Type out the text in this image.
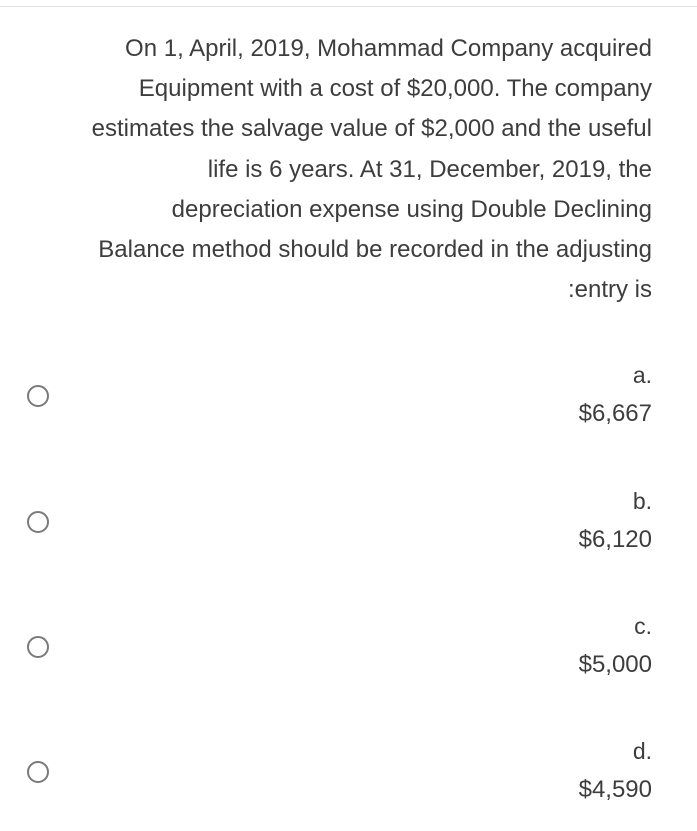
On 1, April, 2019, Mohammad Company acquired
Equipment with a cost of $20,000. The company
estimates the salvage value of $2,000 and the useful
life is 6 years. At 31, December, 2019, the
depreciation expense using Double Declining
Balance method should be recorded in the adjusting
:entry is
.a
$6,667
.b
$6,120
.c
$5,000
.d
$4,590
